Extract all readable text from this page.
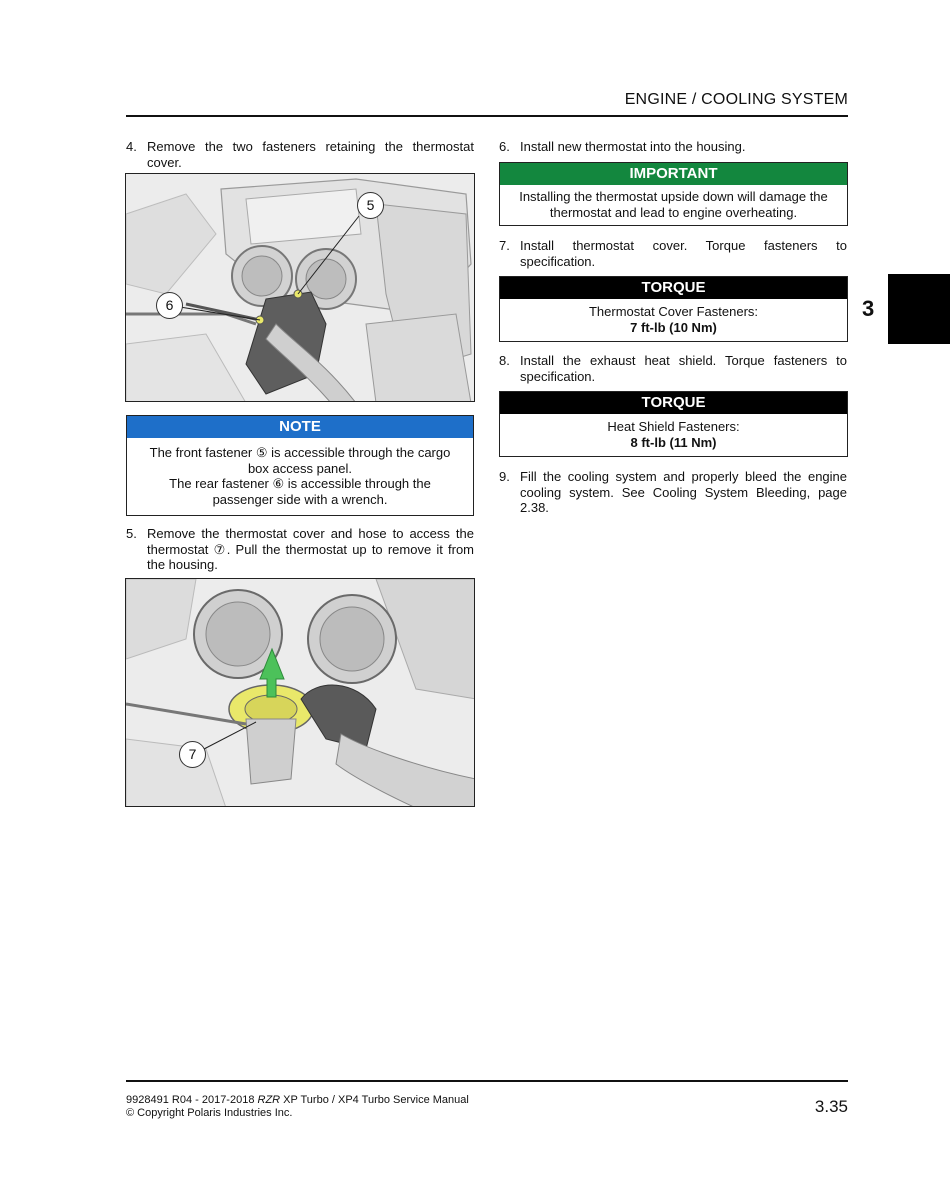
ENGINE / COOLING SYSTEM
4. Remove the two fasteners retaining the thermostat cover.
5
6
NOTE
The front fastener ⑤ is accessible through the cargo box access panel.
The rear fastener ⑥ is accessible through the passenger side with a wrench.
5. Remove the thermostat cover and hose to access the thermostat ⑦. Pull the thermostat up to remove it from the housing.
7
6. Install new thermostat into the housing.
IMPORTANT
Installing the thermostat upside down will damage the thermostat and lead to engine overheating.
7. Install thermostat cover. Torque fasteners to specification.
TORQUE
Thermostat Cover Fasteners:
7 ft-lb (10 Nm)
8. Install the exhaust heat shield. Torque fasteners to specification.
TORQUE
Heat Shield Fasteners:
8 ft-lb (11 Nm)
9. Fill the cooling system and properly bleed the engine cooling system. See Cooling System Bleeding, page 2.38.
3
9928491 R04 - 2017-2018 RZR XP Turbo / XP4 Turbo Service Manual
© Copyright Polaris Industries Inc.	3.35
